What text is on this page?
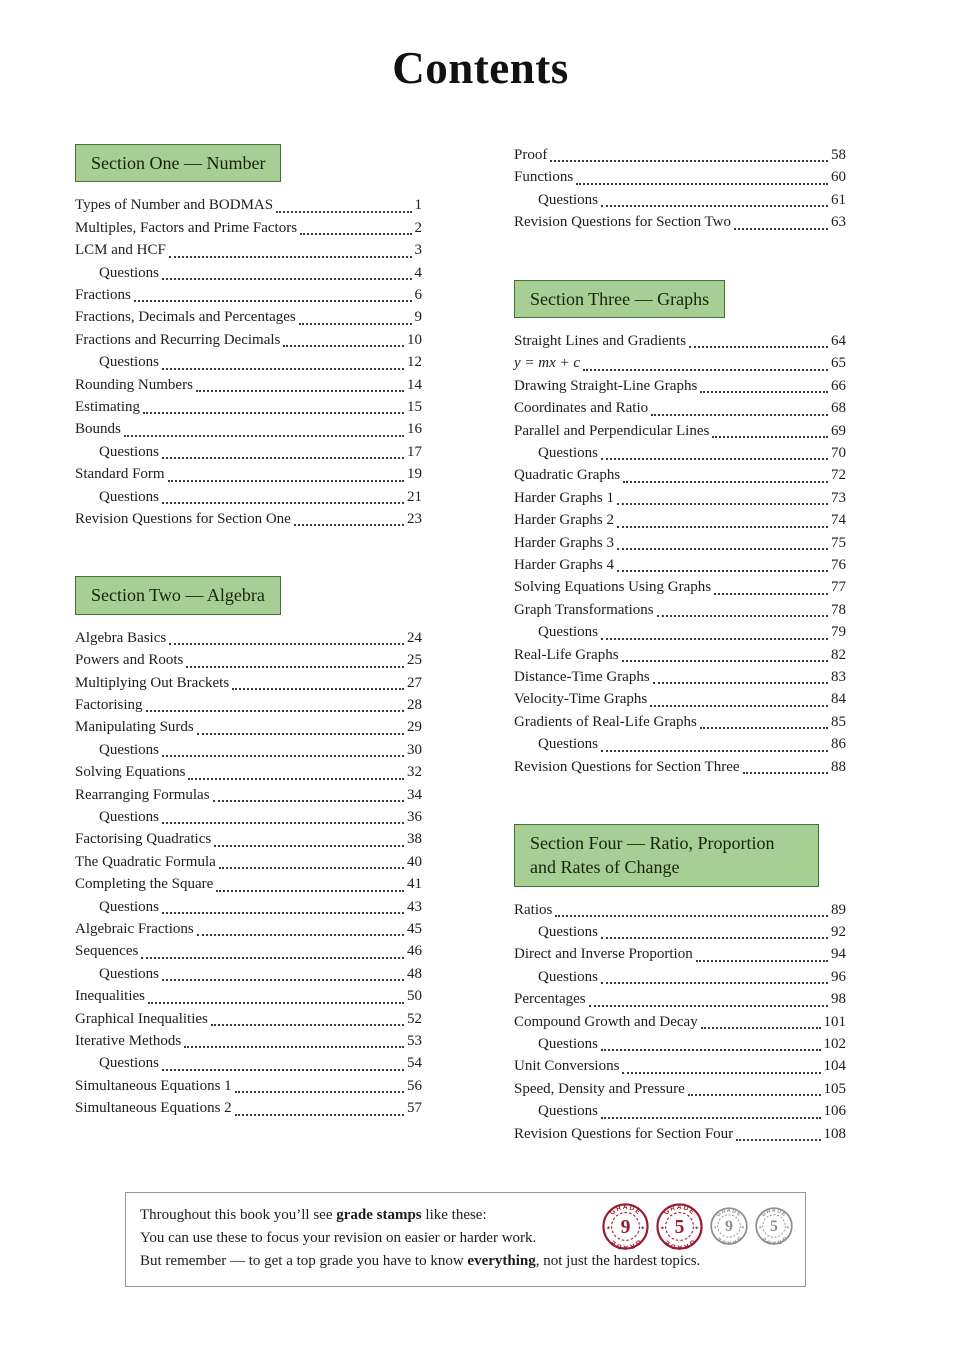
Contents
Section One — Number
Types of Number and BODMAS	1
Multiples, Factors and Prime Factors	2
LCM and HCF	3
Questions	4
Fractions	6
Fractions, Decimals and Percentages	9
Fractions and Recurring Decimals	10
Questions	12
Rounding Numbers	14
Estimating	15
Bounds	16
Questions	17
Standard Form	19
Questions	21
Revision Questions for Section One	23
Section Two — Algebra
Algebra Basics	24
Powers and Roots	25
Multiplying Out Brackets	27
Factorising	28
Manipulating Surds	29
Questions	30
Solving Equations	32
Rearranging Formulas	34
Questions	36
Factorising Quadratics	38
The Quadratic Formula	40
Completing the Square	41
Questions	43
Algebraic Fractions	45
Sequences	46
Questions	48
Inequalities	50
Graphical Inequalities	52
Iterative Methods	53
Questions	54
Simultaneous Equations 1	56
Simultaneous Equations 2	57
Proof	58
Functions	60
Questions	61
Revision Questions for Section Two	63
Section Three — Graphs
Straight Lines and Gradients	64
y = mx + c	65
Drawing Straight-Line Graphs	66
Coordinates and Ratio	68
Parallel and Perpendicular Lines	69
Questions	70
Quadratic Graphs	72
Harder Graphs 1	73
Harder Graphs 2	74
Harder Graphs 3	75
Harder Graphs 4	76
Solving Equations Using Graphs	77
Graph Transformations	78
Questions	79
Real-Life Graphs	82
Distance-Time Graphs	83
Velocity-Time Graphs	84
Gradients of Real-Life Graphs	85
Questions	86
Revision Questions for Section Three	88
Section Four — Ratio, Proportion and Rates of Change
Ratios	89
Questions	92
Direct and Inverse Proportion	94
Questions	96
Percentages	98
Compound Growth and Decay	101
Questions	102
Unit Conversions	104
Speed, Density and Pressure	105
Questions	106
Revision Questions for Section Four	108

Throughout this book you’ll see grade stamps like these:

You can use these to focus your revision on easier or harder work.

But remember — to get a top grade you have to know everything, not just the hardest topics.

GRADE
GRADE
9
★	★
GRADE
GRADE
5
★	★
GRADE
GRADE
9
★	★
GRADE
GRADE
5
★	★
